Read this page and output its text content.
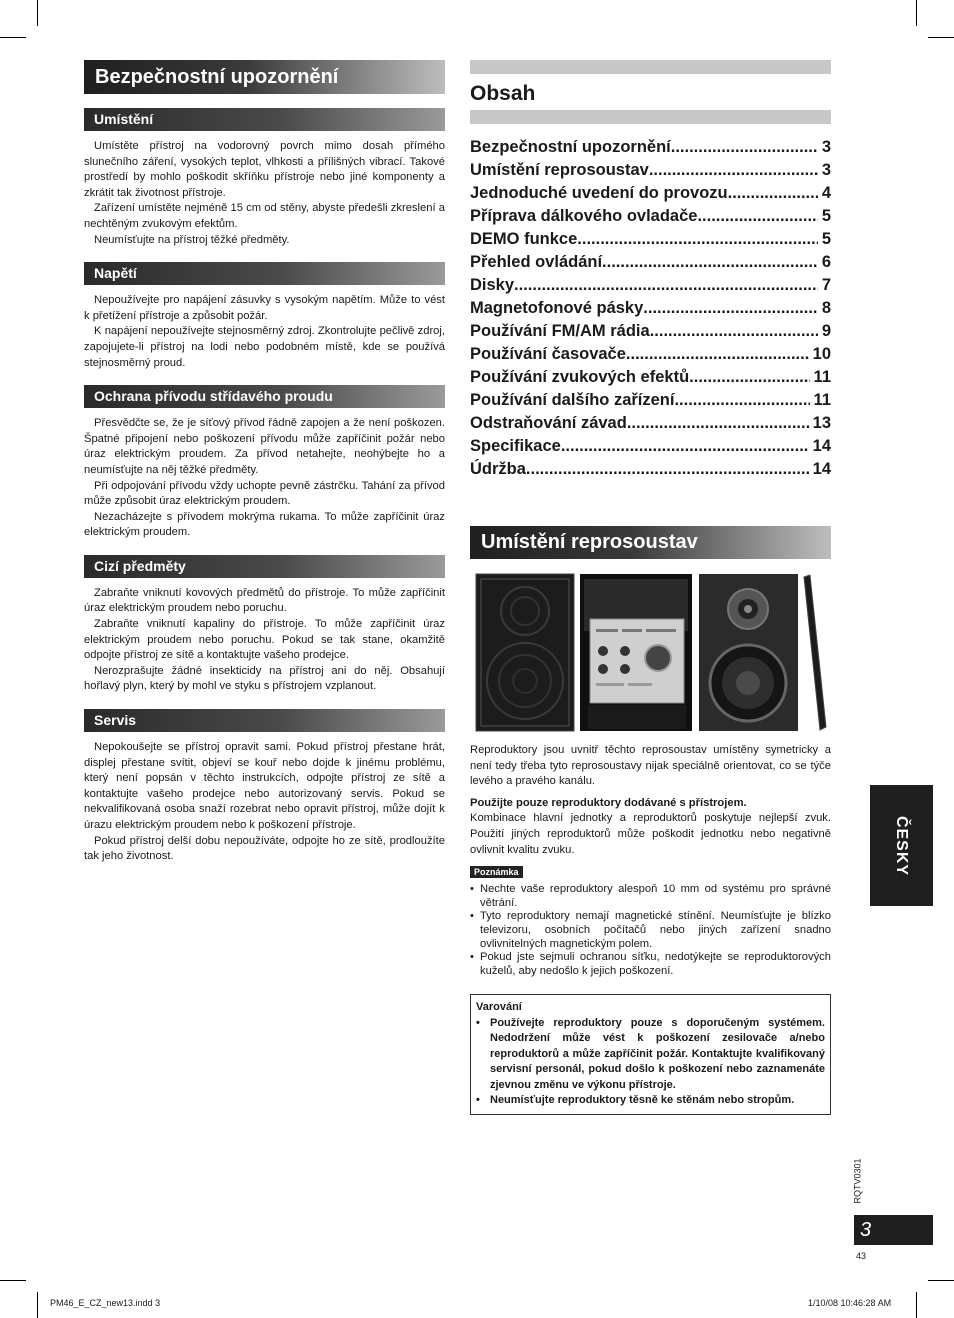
Bezpečnostní upozornění
Umístění

Umístěte přístroj na vodorovný povrch mimo dosah přímého slunečního záření, vysokých teplot, vlhkosti a přílišných vibrací. Takové prostředí by mohlo poškodit skříňku přístroje nebo jiné komponenty a zkrátit tak životnost přístroje.

Zařízení umístěte nejméně 15 cm od stěny, abyste předešli zkreslení a nechtěným zvukovým efektům.

Neumísťujte na přístroj těžké předměty.

Napětí

Nepoužívejte pro napájení zásuvky s vysokým napětím. Může to vést k přetížení přístroje a způsobit požár.

K napájení nepoužívejte stejnosměrný zdroj. Zkontrolujte pečlivě zdroj, zapojujete-li přístroj na lodi nebo podobném místě, kde se používá stejnosměrný proud.

Ochrana přívodu střídavého proudu

Přesvědčte se, že je síťový přívod řádně zapojen a že není poškozen. Špatné připojení nebo poškození přívodu může zapříčinit požár nebo úraz elektrickým proudem. Za přívod netahejte, neohýbejte ho a neumísťujte na něj těžké předměty.

Při odpojování přívodu vždy uchopte pevně zástrčku. Tahání za přívod může způsobit úraz elektrickým proudem.

Nezacházejte s přívodem mokrýma rukama. To může zapříčinit úraz elektrickým proudem.

Cizí předměty

Zabraňte vniknutí kovových předmětů do přístroje. To může zapříčinit úraz elektrickým proudem nebo poruchu.

Zabraňte vniknutí kapaliny do přístroje. To může zapříčinit úraz elektrickým proudem nebo poruchu. Pokud se tak stane, okamžitě odpojte přístroj ze sítě a kontaktujte vašeho prodejce.

Nerozprašujte žádné insekticidy na přístroj ani do něj. Obsahují hořlavý plyn, který by mohl ve styku s přístrojem vzplanout.

Servis

Nepokoušejte se přístroj opravit sami. Pokud přístroj přestane hrát, displej přestane svítit, objeví se kouř nebo dojde k jinému problému, který není popsán v těchto instrukcích, odpojte přístroj ze sítě a kontaktujte vašeho prodejce nebo autorizovaný servis. Pokud se nekvalifikovaná osoba snaží rozebrat nebo opravit přístroj, může dojít k úrazu elektrickým proudem nebo k poškození přístroje.

Pokud přístroj delší dobu nepoužíváte, odpojte ho ze sítě, prodloužíte tak jeho životnost.

Obsah
Bezpečnostní upozornění .....	3
Umístění reprosoustav .....	3
Jednoduché uvedení do provozu .....	4
Příprava dálkového ovladače .....	5
DEMO funkce .....	5
Přehled ovládání .....	6
Disky .....	7
Magnetofonové pásky .....	8
Používání FM/AM rádia .....	9
Používání časovače .....	10
Používání zvukových efektů .....	11
Používání dalšího zařízení .....	11
Odstraňování závad .....	13
Specifikace .....	14
Údržba .....	14
Umístění reprosoustav

Reproduktory jsou uvnitř těchto reprosoustav umístěny symetricky a není tedy třeba tyto reprosoustavy nijak speciálně orientovat, co se týče levého a pravého kanálu.

Použijte pouze reproduktory dodávané s přístrojem.

Kombinace hlavní jednotky a reproduktorů poskytuje nejlepší zvuk. Použití jiných reproduktorů může poškodit jednotku nebo negativně ovlivnit kvalitu zvuku.

Poznámka
• Nechte vaše reproduktory alespoň 10 mm od systému pro správné větrání.
• Tyto reproduktory nemají magnetické stínění. Neumísťujte je blízko televizoru, osobních počítačů nebo jiných zařízení snadno ovlivnitelných magnetickým polem.
• Pokud jste sejmuli ochranou síťku, nedotýkejte se reproduktorových kuželů, aby nedošlo k jejich poškození.
Varování
• Používejte reproduktory pouze s doporučeným systémem. Nedodržení může vést k poškození zesilovače a/nebo reproduktorů a může zapříčinit požár. Kontaktujte kvalifikovaný servisní personál, pokud došlo k poškození nebo zaznamenáte zjevnou změnu ve výkonu přístroje.
• Neumísťujte reproduktory těsně ke stěnám nebo stropům.
ČESKY
RQTV0301
3
43
PM46_E_CZ_new13.indd 3	1/10/08 10:46:28 AM
